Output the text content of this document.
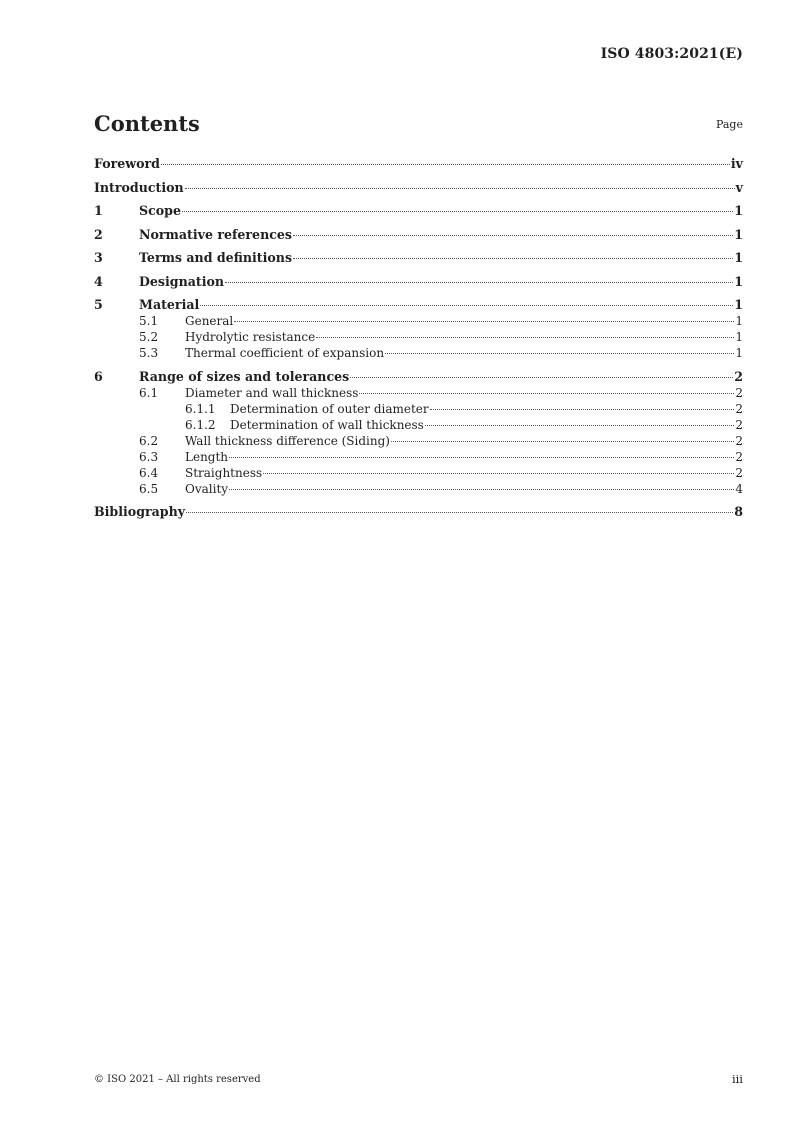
ISO 4803:2021(E)
Contents	Page
Foreword	iv
Introduction	v
1	Scope	1
2	Normative references	1
3	Terms and definitions	1
4	Designation	1
5	Material	1
5.1	General	1
5.2	Hydrolytic resistance	1
5.3	Thermal coefficient of expansion	1
6	Range of sizes and tolerances	2
6.1	Diameter and wall thickness	2
6.1.1	Determination of outer diameter	2
6.1.2	Determination of wall thickness	2
6.2	Wall thickness difference (Siding)	2
6.3	Length	2
6.4	Straightness	2
6.5	Ovality	4
Bibliography	8
© ISO 2021 – All rights reserved	iii
